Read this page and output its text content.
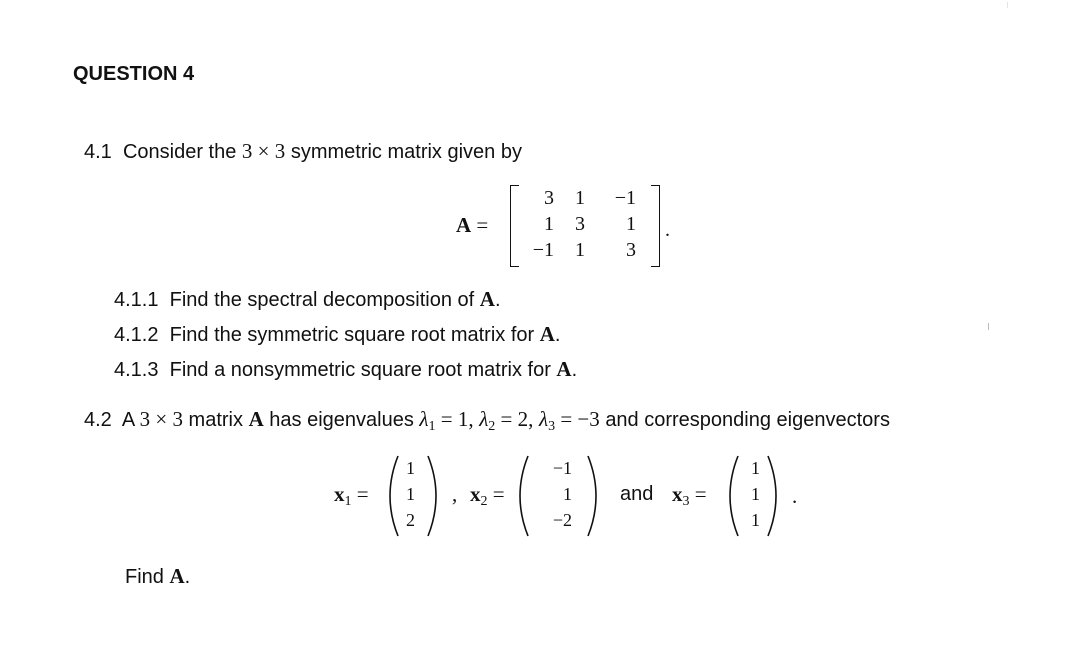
QUESTION 4
4.1 Consider the 3 × 3 symmetric matrix given by
A =
3	1	−1
1	3	1
−1	1	3
.
4.1.1 Find the spectral decomposition of A.
4.1.2 Find the symmetric square root matrix for A.
4.1.3 Find a nonsymmetric square root matrix for A.
4.2 A 3 × 3 matrix A has eigenvalues λ1 = 1, λ2 = 2, λ3 = −3 and corresponding eigenvectors
x1 =
1
1
2
, x2 =
−1
1
−2
and x3 =
1
1
1
.
Find A.
